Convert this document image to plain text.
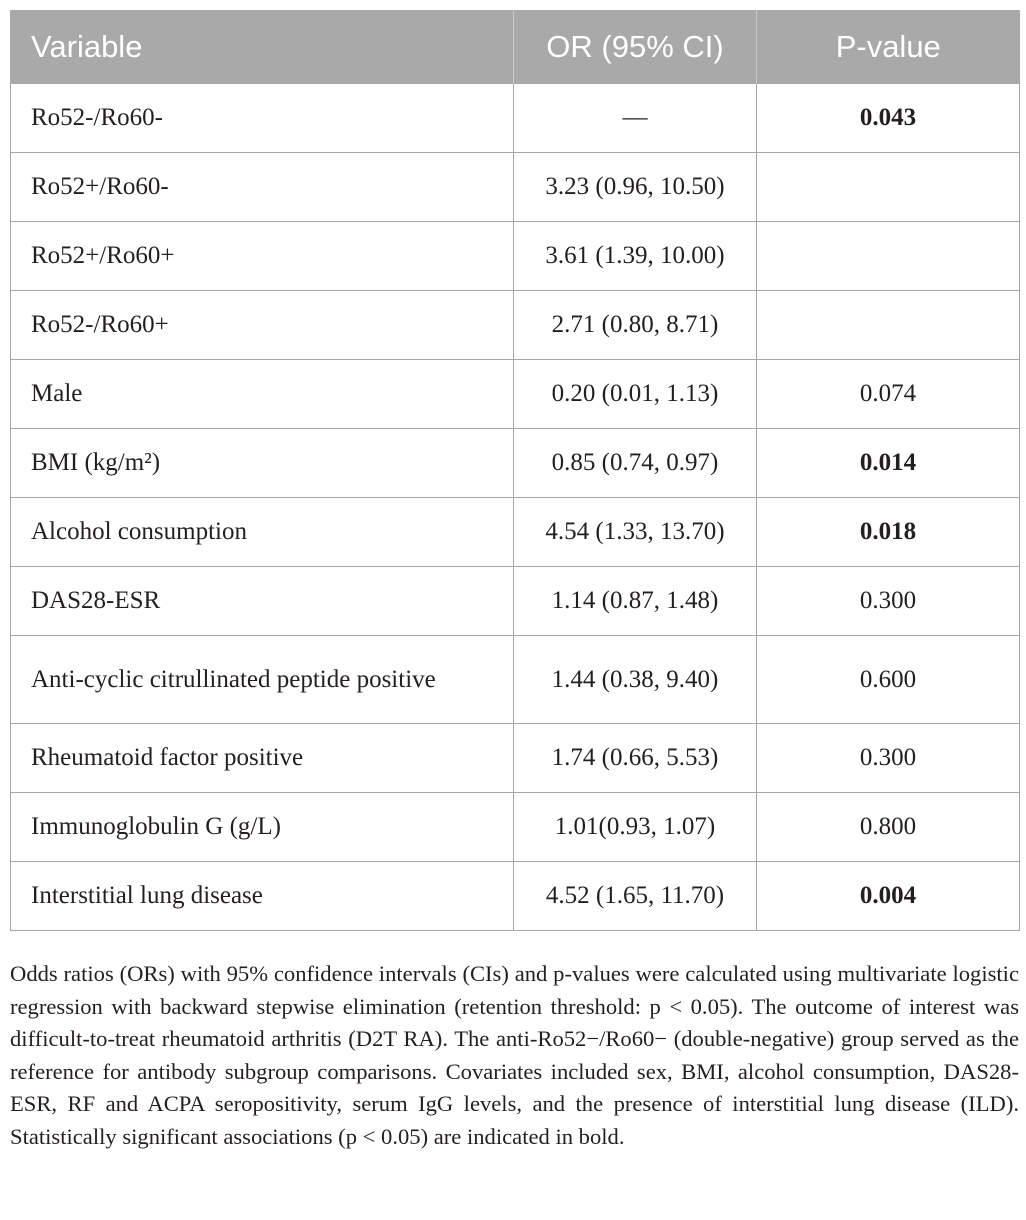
Variable	OR (95% CI)	P-value
Ro52-/Ro60-	—	0.043
Ro52+/Ro60-	3.23 (0.96, 10.50)	
Ro52+/Ro60+	3.61 (1.39, 10.00)	
Ro52-/Ro60+	2.71 (0.80, 8.71)	
Male	0.20 (0.01, 1.13)	0.074
BMI (kg/m²)	0.85 (0.74, 0.97)	0.014
Alcohol consumption	4.54 (1.33, 13.70)	0.018
DAS28-ESR	1.14 (0.87, 1.48)	0.300
Anti-cyclic citrullinated peptide positive	1.44 (0.38, 9.40)	0.600
Rheumatoid factor positive	1.74 (0.66, 5.53)	0.300
Immunoglobulin G (g/L)	1.01(0.93, 1.07)	0.800
Interstitial lung disease	4.52 (1.65, 11.70)	0.004

Odds ratios (ORs) with 95% confidence intervals (CIs) and p-values were calculated using multivariate logistic regression with backward stepwise elimination (retention threshold: p < 0.05). The outcome of interest was difficult-to-treat rheumatoid arthritis (D2T RA). The anti-Ro52−/Ro60− (double-negative) group served as the reference for antibody subgroup comparisons. Covariates included sex, BMI, alcohol consumption, DAS28-ESR, RF and ACPA seropositivity, serum IgG levels, and the presence of interstitial lung disease (ILD). Statistically significant associations (p < 0.05) are indicated in bold.
